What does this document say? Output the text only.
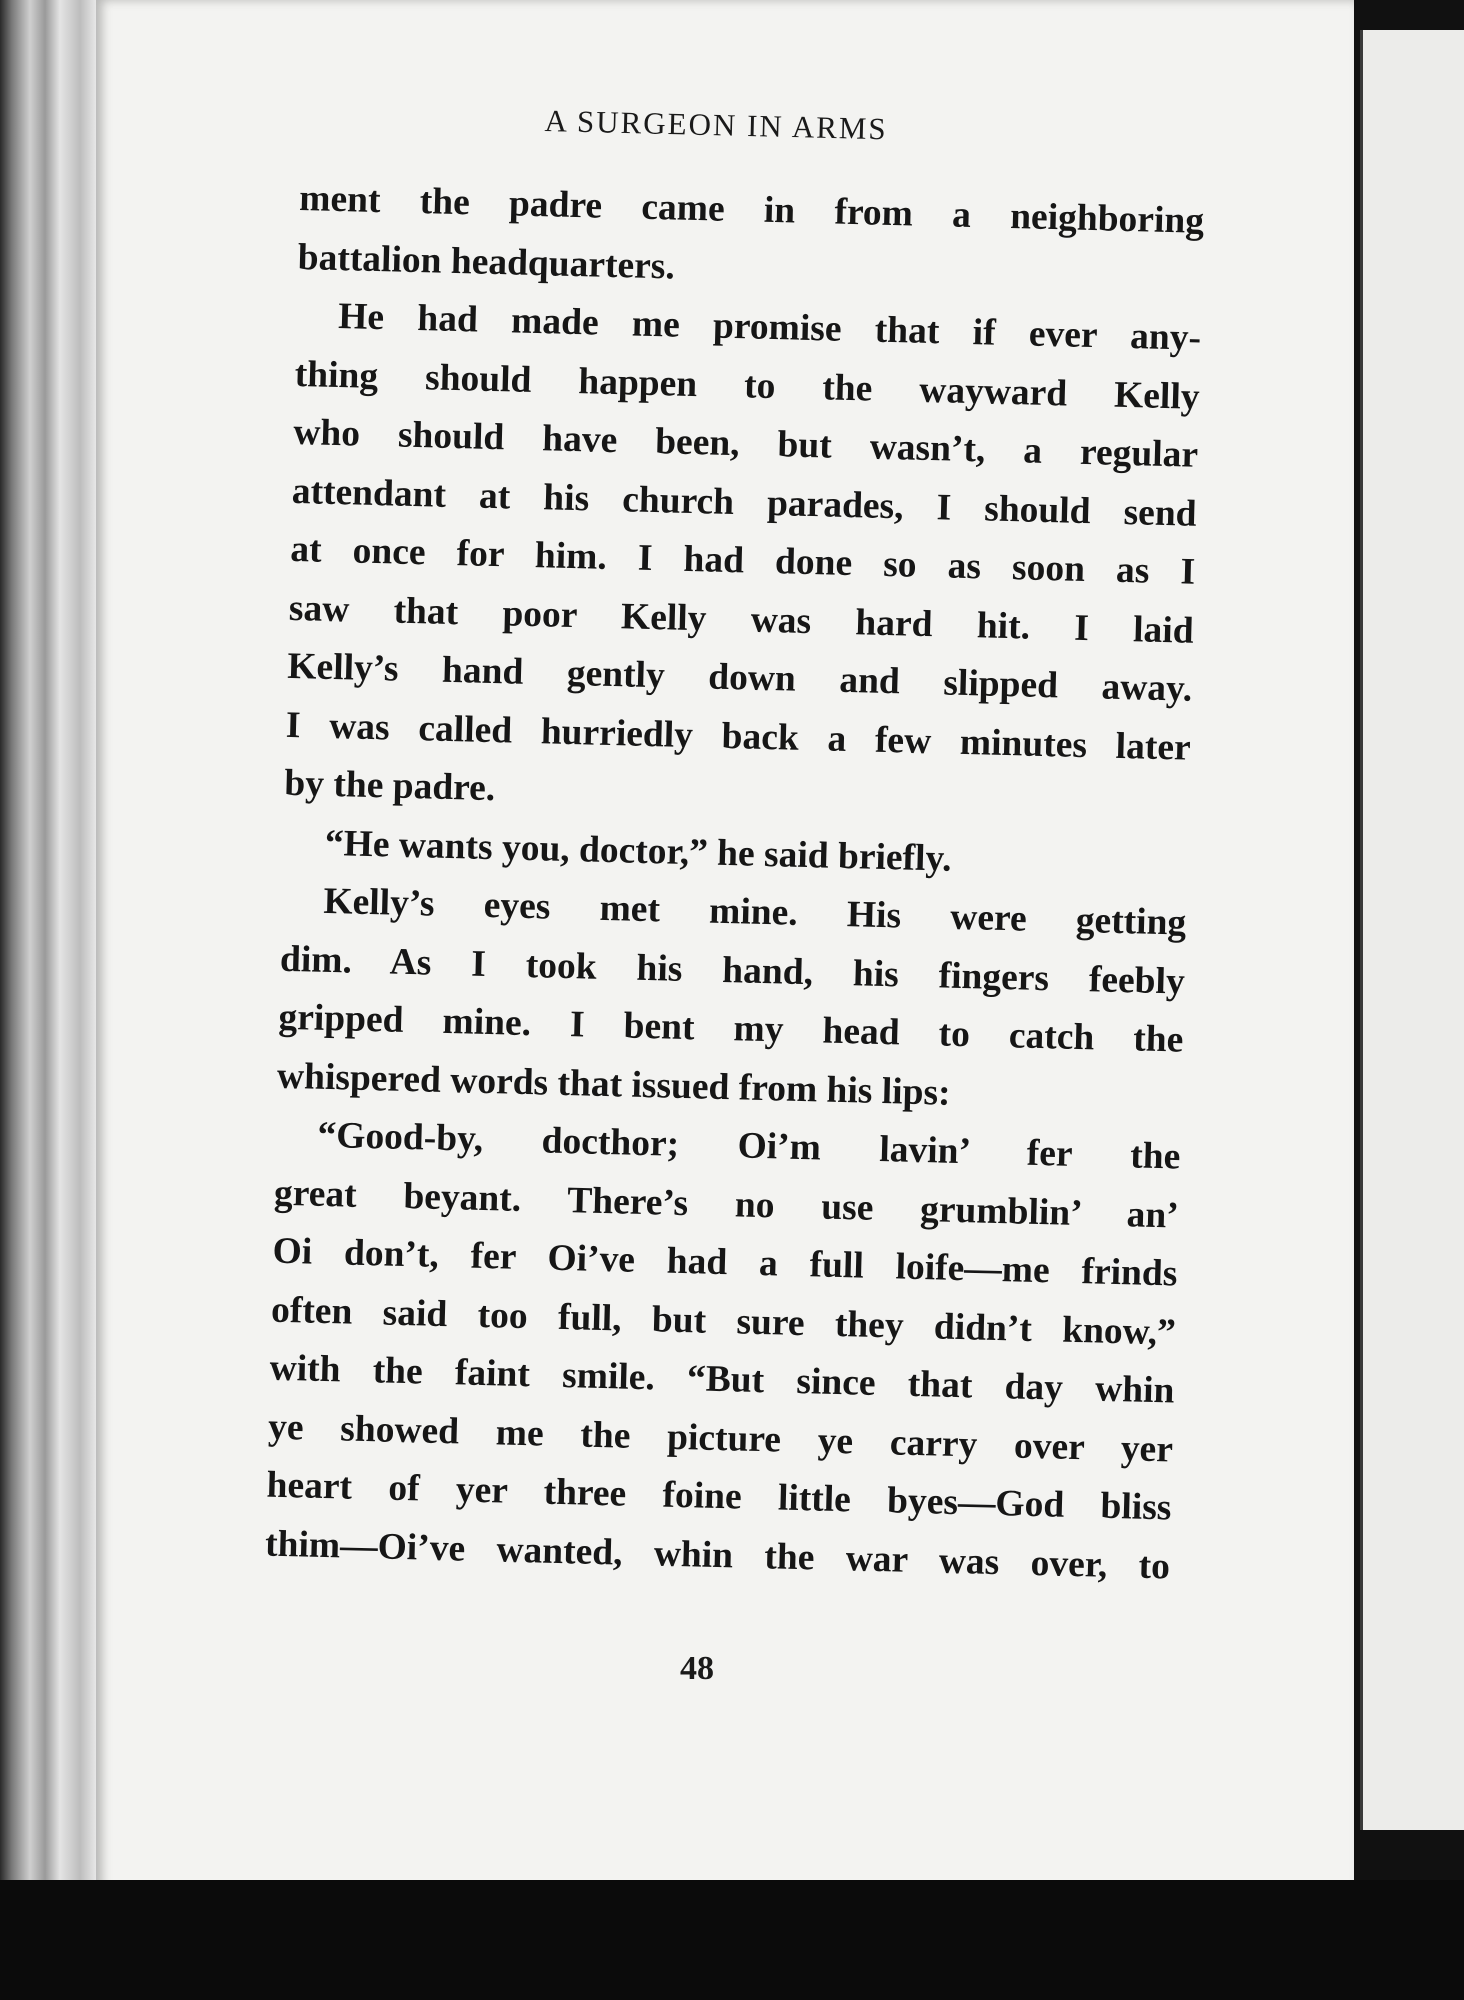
A SURGEON IN ARMS
ment the padre came in from a neighboring
battalion headquarters.
He had made me promise that if ever any-
thing should happen to the wayward Kelly
who should have been, but wasn’t, a regular
attendant at his church parades, I should send
at once for him. I had done so as soon as I
saw that poor Kelly was hard hit. I laid
Kelly’s hand gently down and slipped away.
I was called hurriedly back a few minutes later
by the padre.
“He wants you, doctor,” he said briefly.
Kelly’s eyes met mine. His were getting
dim. As I took his hand, his fingers feebly
gripped mine. I bent my head to catch the
whispered words that issued from his lips:
“Good-by, docthor; Oi’m lavin’ fer the
great beyant. There’s no use grumblin’ an’
Oi don’t, fer Oi’ve had a full loife—me frinds
often said too full, but sure they didn’t know,”
with the faint smile. “But since that day whin
ye showed me the picture ye carry over yer
heart of yer three foine little byes—God bliss
thim—Oi’ve wanted, whin the war was over, to
48
